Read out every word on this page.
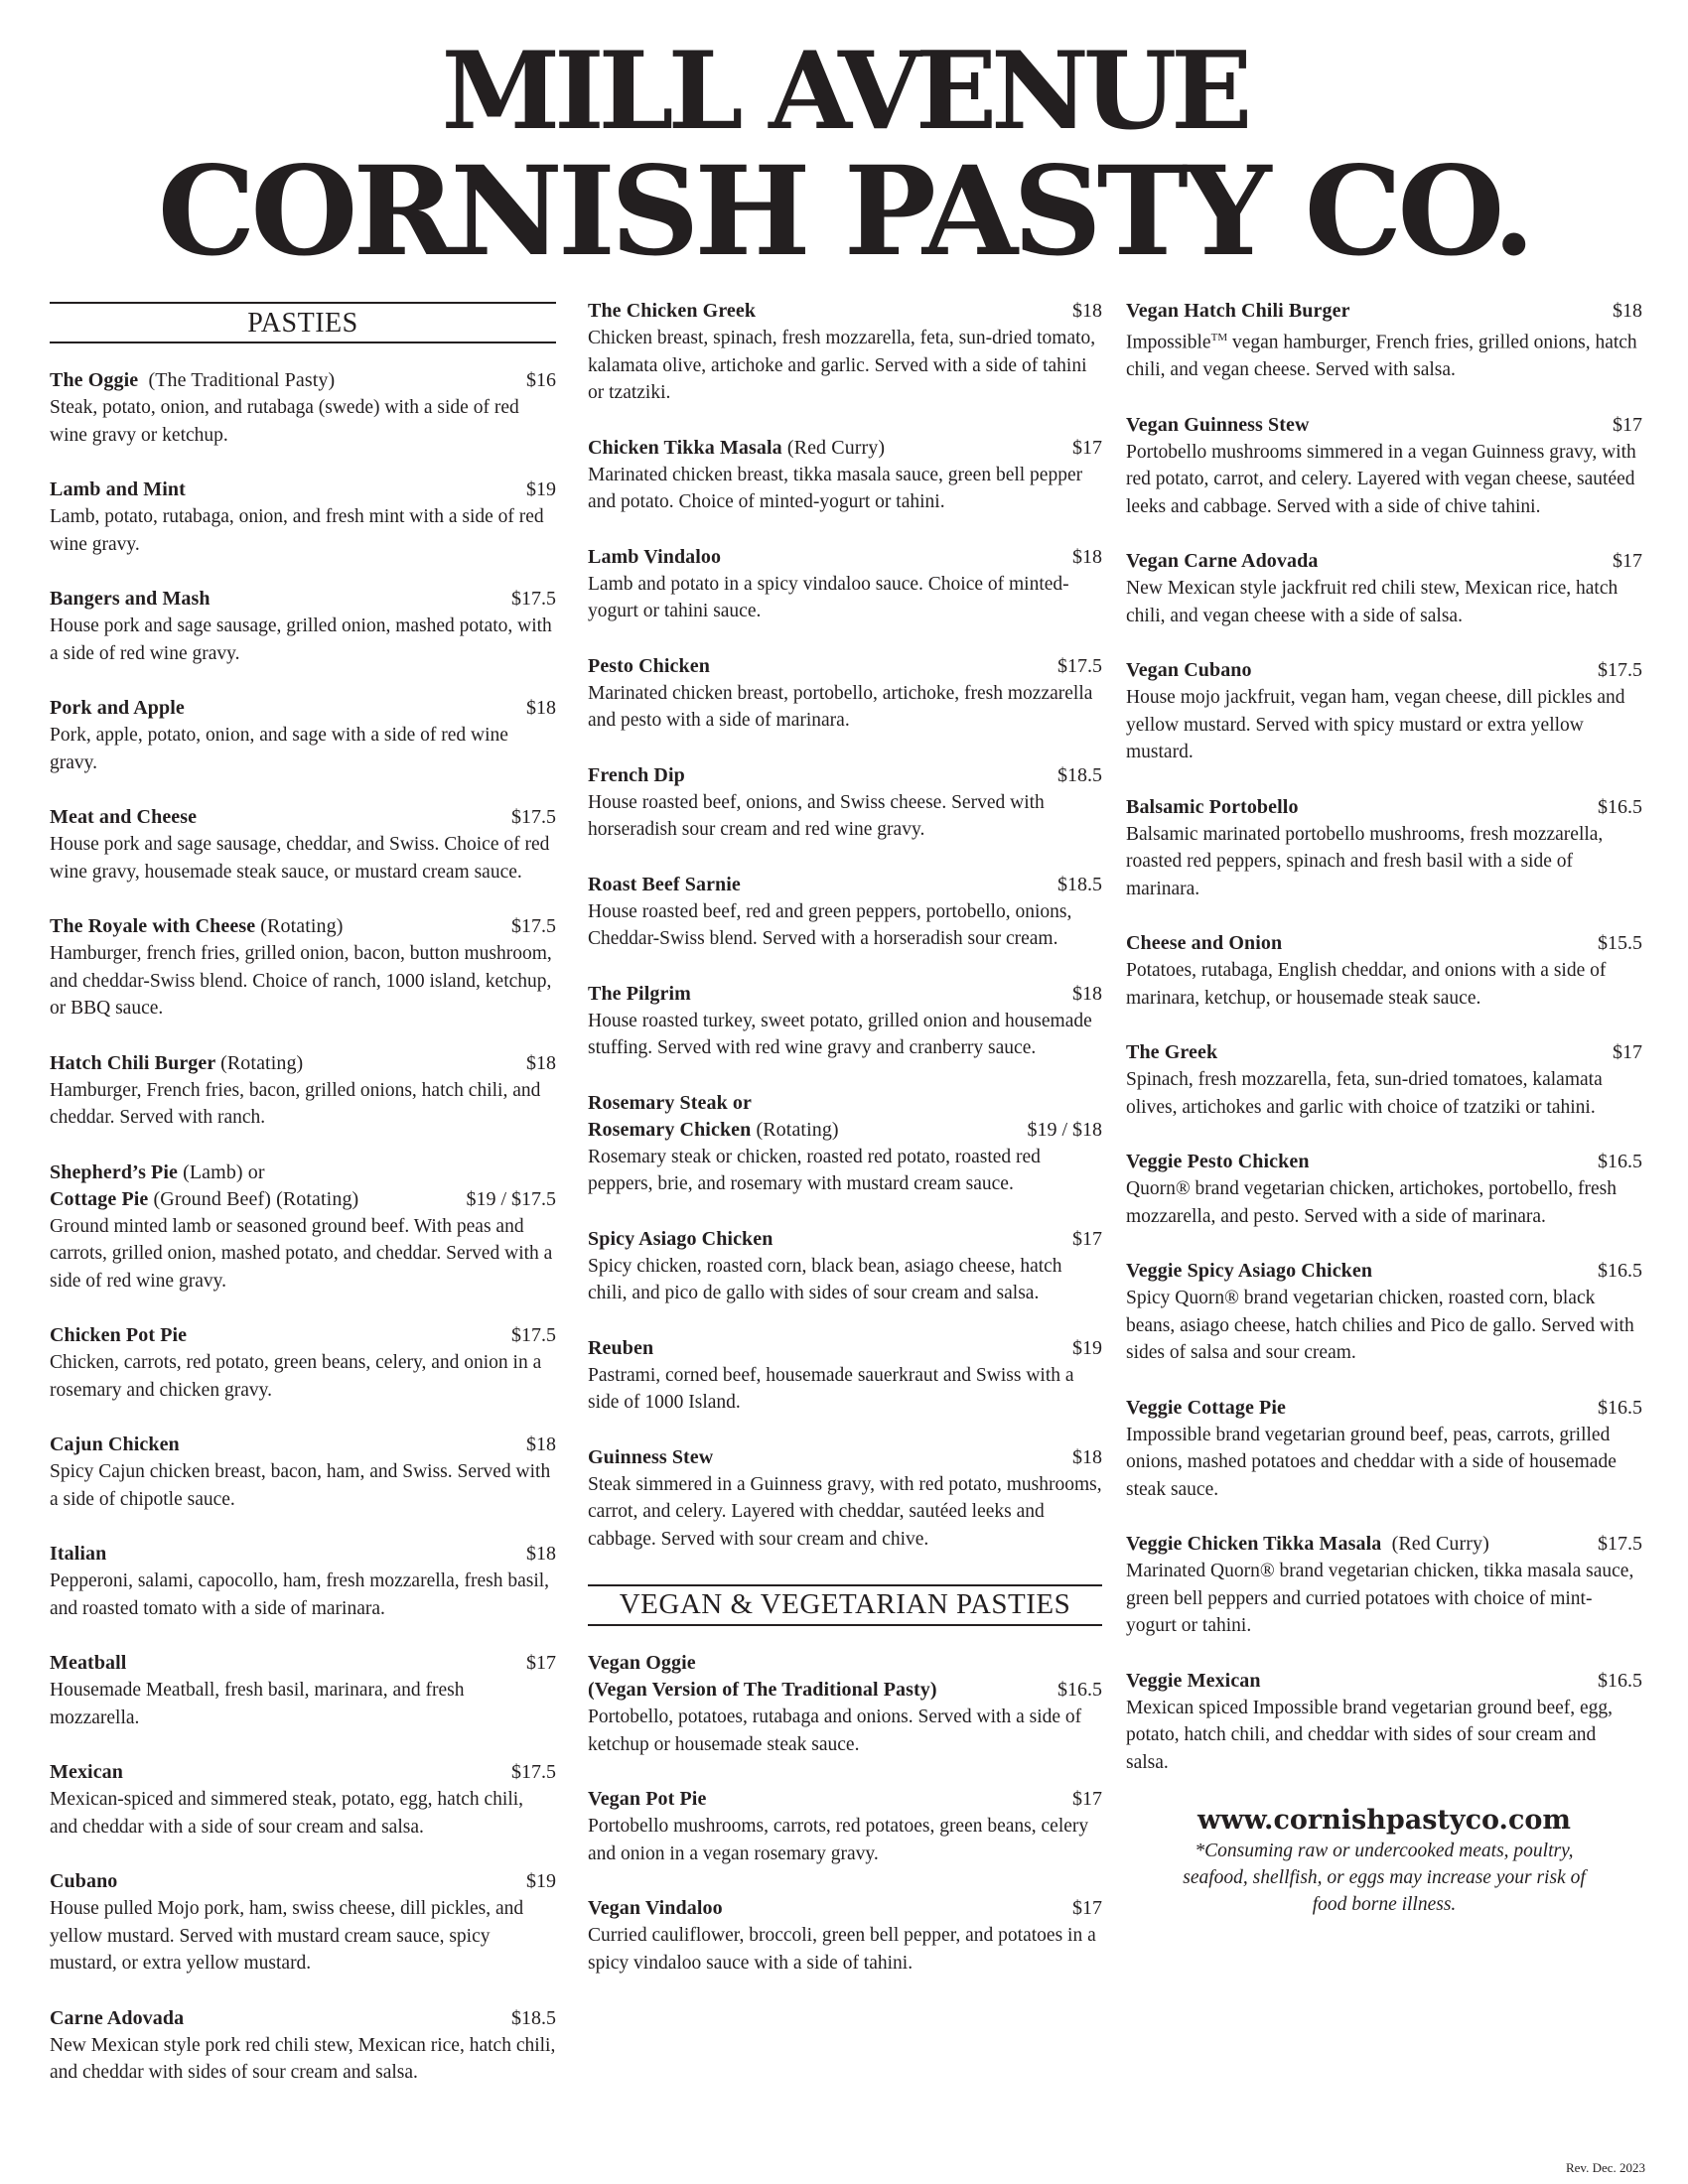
MILL AVENUE
CORNISH PASTY CO.
PASTIES
The Oggie (The Traditional Pasty)	$16
Steak, potato, onion, and rutabaga (swede) with a side of red wine gravy or ketchup.
Lamb and Mint	$19
Lamb, potato, rutabaga, onion, and fresh mint with a side of red wine gravy.
Bangers and Mash	$17.5
House pork and sage sausage, grilled onion, mashed potato, with a side of red wine gravy.
Pork and Apple	$18
Pork, apple, potato, onion, and sage with a side of red wine gravy.
Meat and Cheese	$17.5
House pork and sage sausage, cheddar, and Swiss. Choice of red wine gravy, housemade steak sauce, or mustard cream sauce.
The Royale with Cheese (Rotating)	$17.5
Hamburger, french fries, grilled onion, bacon, button mushroom, and cheddar-Swiss blend. Choice of ranch, 1000 island, ketchup, or BBQ sauce.
Hatch Chili Burger (Rotating)	$18
Hamburger, French fries, bacon, grilled onions, hatch chili, and cheddar. Served with ranch.
Shepherd’s Pie (Lamb) or
Cottage Pie (Ground Beef) (Rotating)	$19 / $17.5
Ground minted lamb or seasoned ground beef. With peas and carrots, grilled onion, mashed potato, and cheddar. Served with a side of red wine gravy.
Chicken Pot Pie	$17.5
Chicken, carrots, red potato, green beans, celery, and onion in a rosemary and chicken gravy.
Cajun Chicken	$18
Spicy Cajun chicken breast, bacon, ham, and Swiss. Served with a side of chipotle sauce.
Italian	$18
Pepperoni, salami, capocollo, ham, fresh mozzarella, fresh basil, and roasted tomato with a side of marinara.
Meatball	$17
Housemade Meatball, fresh basil, marinara, and fresh mozzarella.
Mexican	$17.5
Mexican-spiced and simmered steak, potato, egg, hatch chili, and cheddar with a side of sour cream and salsa.
Cubano	$19
House pulled Mojo pork, ham, swiss cheese, dill pickles, and yellow mustard. Served with mustard cream sauce, spicy mustard, or extra yellow mustard.
Carne Adovada	$18.5
New Mexican style pork red chili stew, Mexican rice, hatch chili, and cheddar with sides of sour cream and salsa.
The Chicken Greek	$18
Chicken breast, spinach, fresh mozzarella, feta, sun-dried tomato, kalamata olive, artichoke and garlic. Served with a side of tahini or tzatziki.
Chicken Tikka Masala (Red Curry)	$17
Marinated chicken breast, tikka masala sauce, green bell pepper and potato. Choice of minted-yogurt or tahini.
Lamb Vindaloo	$18
Lamb and potato in a spicy vindaloo sauce. Choice of minted-yogurt or tahini sauce.
Pesto Chicken	$17.5
Marinated chicken breast, portobello, artichoke, fresh mozzarella and pesto with a side of marinara.
French Dip	$18.5
House roasted beef, onions, and Swiss cheese. Served with horseradish sour cream and red wine gravy.
Roast Beef Sarnie	$18.5
House roasted beef, red and green peppers, portobello, onions, Cheddar-Swiss blend. Served with a horseradish sour cream.
The Pilgrim	$18
House roasted turkey, sweet potato, grilled onion and housemade stuffing. Served with red wine gravy and cranberry sauce.
Rosemary Steak or
Rosemary Chicken (Rotating)	$19 / $18
Rosemary steak or chicken, roasted red potato, roasted red peppers, brie, and rosemary with mustard cream sauce.
Spicy Asiago Chicken	$17
Spicy chicken, roasted corn, black bean, asiago cheese, hatch chili, and pico de gallo with sides of sour cream and salsa.
Reuben	$19
Pastrami, corned beef, housemade sauerkraut and Swiss with a side of 1000 Island.
Guinness Stew	$18
Steak simmered in a Guinness gravy, with red potato, mushrooms, carrot, and celery. Layered with cheddar, sautéed leeks and cabbage. Served with sour cream and chive.
VEGAN & VEGETARIAN PASTIES
Vegan Oggie
(Vegan Version of The Traditional Pasty)	$16.5
Portobello, potatoes, rutabaga and onions. Served with a side of ketchup or housemade steak sauce.
Vegan Pot Pie	$17
Portobello mushrooms, carrots, red potatoes, green beans, celery and onion in a vegan rosemary gravy.
Vegan Vindaloo	$17
Curried cauliflower, broccoli, green bell pepper, and potatoes in a spicy vindaloo sauce with a side of tahini.
Vegan Hatch Chili Burger	$18
Impossible™ vegan hamburger, French fries, grilled onions, hatch chili, and vegan cheese. Served with salsa.
Vegan Guinness Stew	$17
Portobello mushrooms simmered in a vegan Guinness gravy, with red potato, carrot, and celery. Layered with vegan cheese, sautéed leeks and cabbage. Served with a side of chive tahini.
Vegan Carne Adovada	$17
New Mexican style jackfruit red chili stew, Mexican rice, hatch chili, and vegan cheese with a side of salsa.
Vegan Cubano	$17.5
House mojo jackfruit, vegan ham, vegan cheese, dill pickles and yellow mustard. Served with spicy mustard or extra yellow mustard.
Balsamic Portobello	$16.5
Balsamic marinated portobello mushrooms, fresh mozzarella, roasted red peppers, spinach and fresh basil with a side of marinara.
Cheese and Onion	$15.5
Potatoes, rutabaga, English cheddar, and onions with a side of marinara, ketchup, or housemade steak sauce.
The Greek	$17
Spinach, fresh mozzarella, feta, sun-dried tomatoes, kalamata olives, artichokes and garlic with choice of tzatziki or tahini.
Veggie Pesto Chicken	$16.5
Quorn® brand vegetarian chicken, artichokes, portobello, fresh mozzarella, and pesto. Served with a side of marinara.
Veggie Spicy Asiago Chicken	$16.5
Spicy Quorn® brand vegetarian chicken, roasted corn, black beans, asiago cheese, hatch chilies and Pico de gallo. Served with sides of salsa and sour cream.
Veggie Cottage Pie	$16.5
Impossible brand vegetarian ground beef, peas, carrots, grilled onions, mashed potatoes and cheddar with a side of housemade steak sauce.
Veggie Chicken Tikka Masala (Red Curry)	$17.5
Marinated Quorn® brand vegetarian chicken, tikka masala sauce, green bell peppers and curried potatoes with choice of mint-yogurt or tahini.
Veggie Mexican	$16.5
Mexican spiced Impossible brand vegetarian ground beef, egg, potato, hatch chili, and cheddar with sides of sour cream and salsa.
www.cornishpastyco.com
*Consuming raw or undercooked meats, poultry, seafood, shellfish, or eggs may increase your risk of food borne illness.
Rev. Dec. 2023
